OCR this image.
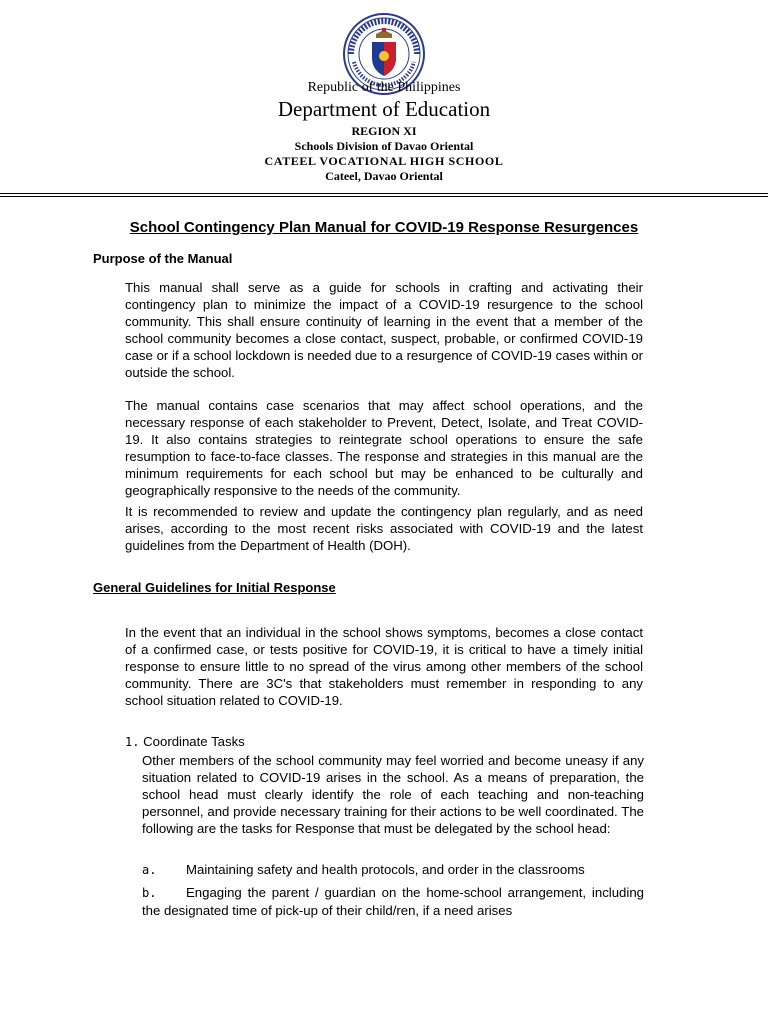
Republic of the Philippines
Department of Education
REGION XI
Schools Division of Davao Oriental
CATEEL VOCATIONAL HIGH SCHOOL
Cateel, Davao Oriental
School Contingency Plan Manual for COVID-19 Response Resurgences
Purpose of the Manual
This manual shall serve as a guide for schools in crafting and activating their contingency plan to minimize the impact of a COVID-19 resurgence to the school community. This shall ensure continuity of learning in the event that a member of the school community becomes a close contact, suspect, probable, or confirmed COVID-19 case or if a school lockdown is needed due to a resurgence of COVID-19 cases within or outside the school.
The manual contains case scenarios that may affect school operations, and the necessary response of each stakeholder to Prevent, Detect, Isolate, and Treat COVID-19. It also contains strategies to reintegrate school operations to ensure the safe resumption to face-to-face classes. The response and strategies in this manual are the minimum requirements for each school but may be enhanced to be culturally and geographically responsive to the needs of the community.
It is recommended to review and update the contingency plan regularly, and as need arises, according to the most recent risks associated with COVID-19 and the latest guidelines from the Department of Health (DOH).
General Guidelines for Initial Response
In the event that an individual in the school shows symptoms, becomes a close contact of a confirmed case, or tests positive for COVID-19, it is critical to have a timely initial response to ensure little to no spread of the virus among other members of the school community. There are 3C's that stakeholders must remember in responding to any school situation related to COVID-19.
1. Coordinate Tasks
Other members of the school community may feel worried and become uneasy if any situation related to COVID-19 arises in the school. As a means of preparation, the school head must clearly identify the role of each teaching and non-teaching personnel, and provide necessary training for their actions to be well coordinated. The following are the tasks for Response that must be delegated by the school head:
a. Maintaining safety and health protocols, and order in the classrooms
b. Engaging the parent / guardian on the home-school arrangement, including the designated time of pick-up of their child/ren, if a need arises
